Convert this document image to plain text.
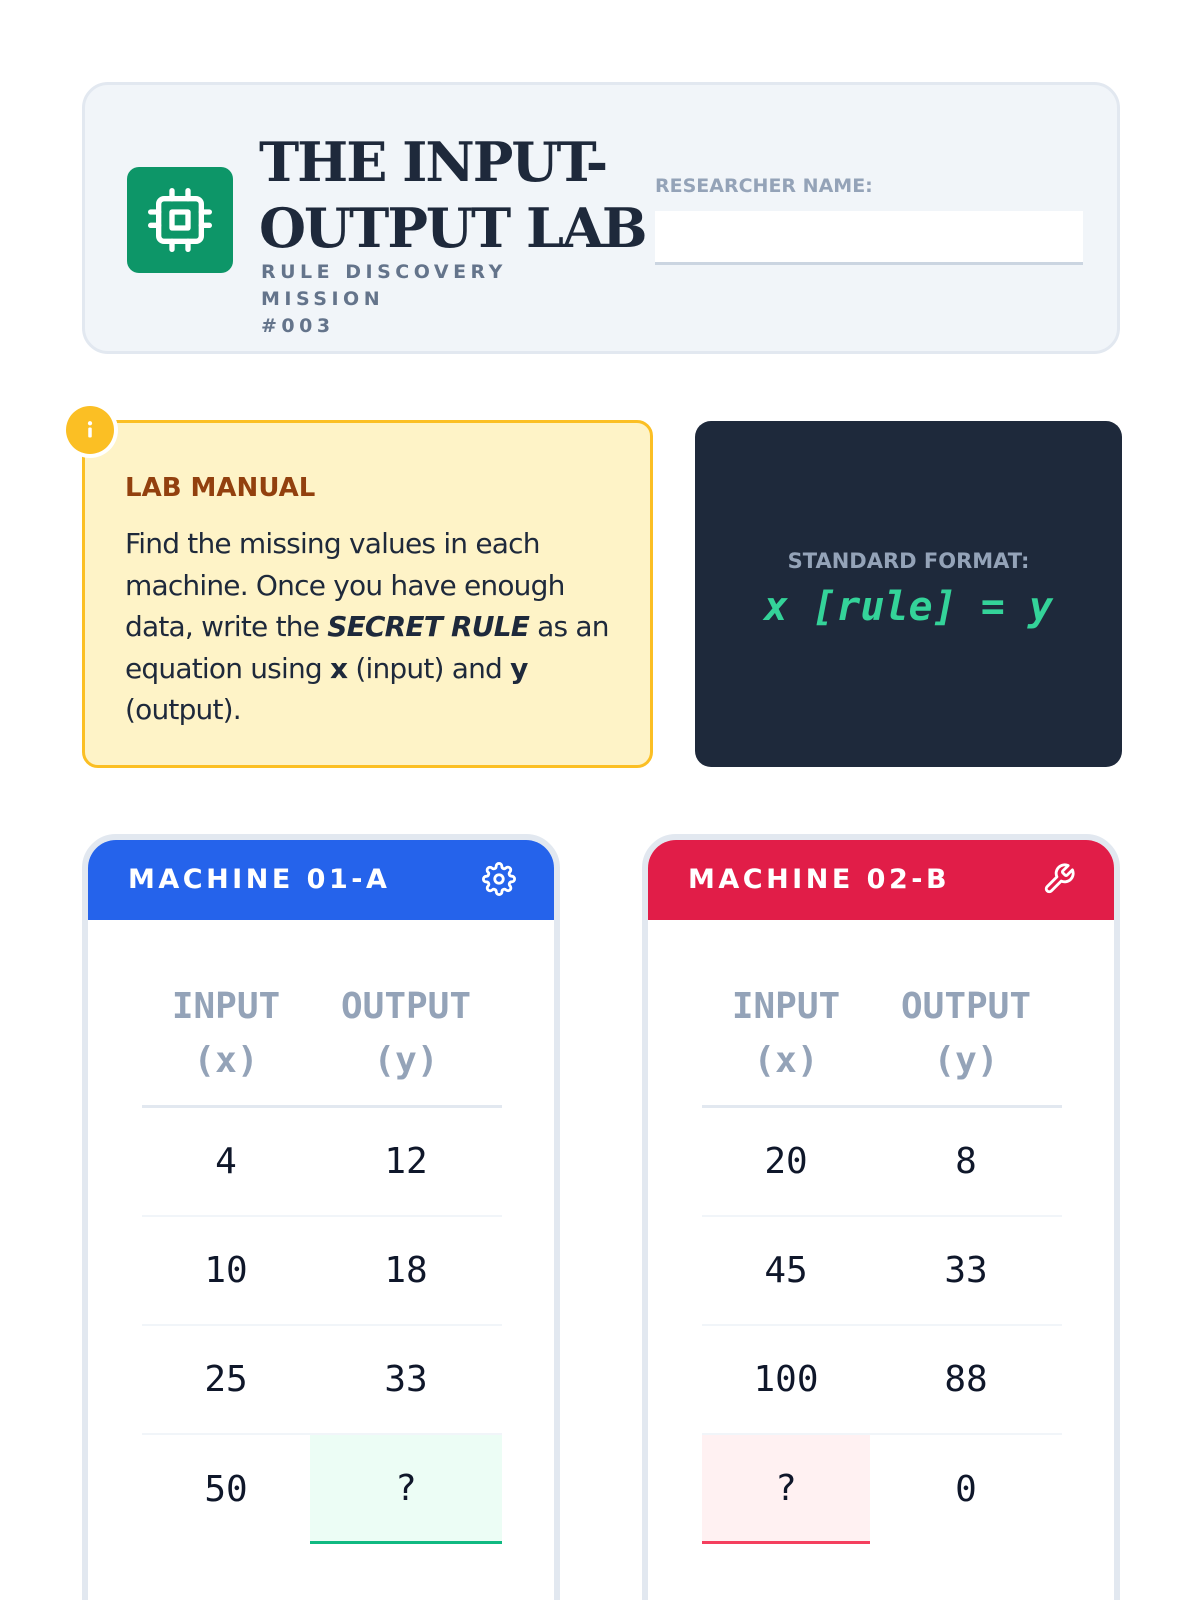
THE INPUT-
OUTPUT LAB
RULE DISCOVERY MISSION
#003
RESEARCHER NAME:
LAB MANUAL
Find the missing values in each machine. Once you have enough data, write the SECRET RULE as an equation using x (input) and y (output).
STANDARD FORMAT:
x [rule] = y
MACHINE 01-A
INPUT (x)
OUTPUT (y)
4	12
10	18
25	33
50	?
MACHINE 02-B
INPUT (x)
OUTPUT (y)
20	8
45	33
100	88
?	0
